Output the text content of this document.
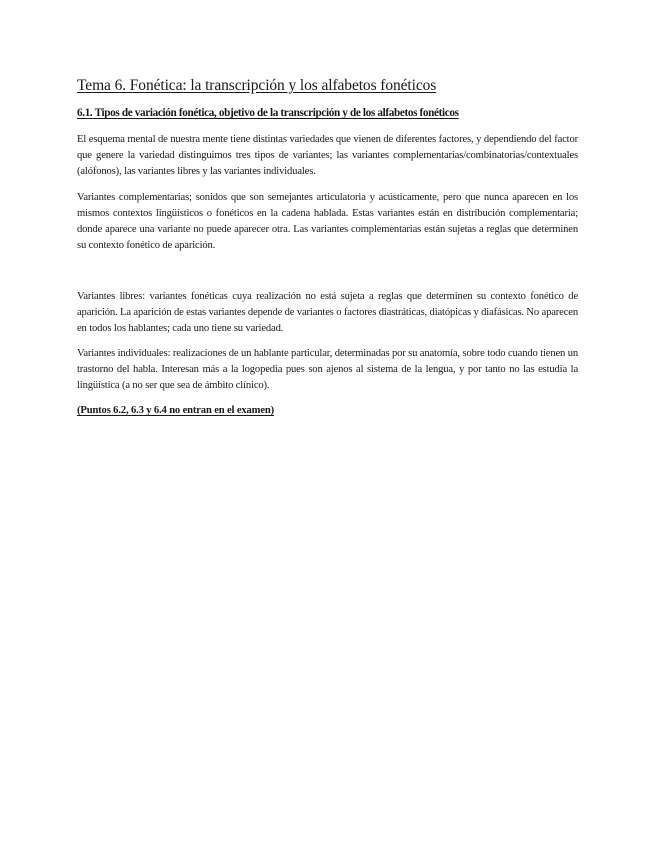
Tema 6. Fonética: la transcripción y los alfabetos fonéticos
6.1. Tipos de variación fonética, objetivo de la transcripción y de los alfabetos fonéticos

El esquema mental de nuestra mente tiene distintas variedades que vienen de diferentes factores, y dependiendo del factor que genere la variedad distinguimos tres tipos de variantes; las variantes complementarias/combinatorias/contextuales (alófonos), las variantes libres y las variantes individuales.

Variantes complementarias; sonidos que son semejantes articulatoria y acústicamente, pero que nunca aparecen en los mismos contextos lingüísticos o fonéticos en la cadena hablada. Estas variantes están en distribución complementaria; donde aparece una variante no puede aparecer otra. Las variantes complementarias están sujetas a reglas que determinen su contexto fonético de aparición.

Variantes libres: variantes fonéticas cuya realización no está sujeta a reglas que determinen su contexto fonético de aparición. La aparición de estas variantes depende de variantes o factores diastráticas, diatópicas y diafásicas. No aparecen en todos los hablantes; cada uno tiene su variedad.

Variantes individuales: realizaciones de un hablante particular, determinadas por su anatomía, sobre todo cuando tienen un trastorno del habla. Interesan más a la logopedia pues son ajenos al sistema de la lengua, y por tanto no las estudia la lingüística (a no ser que sea de ámbito clínico).

(Puntos 6.2, 6.3 y 6.4 no entran en el examen)
